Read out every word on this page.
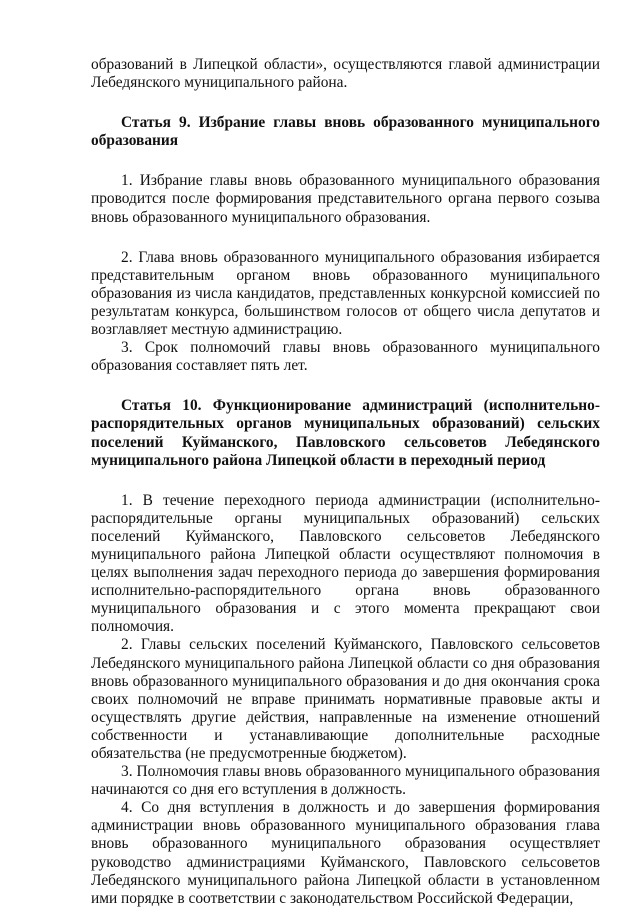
образований в Липецкой области», осуществляются главой администрации Лебедянского муниципального района.

Статья 9. Избрание главы вновь образованного муниципального образования

1. Избрание главы вновь образованного муниципального образования проводится после формирования представительного органа первого созыва вновь образованного муниципального образования.

2. Глава вновь образованного муниципального образования избирается представительным органом вновь образованного муниципального образования из числа кандидатов, представленных конкурсной комиссией по результатам конкурса, большинством голосов от общего числа депутатов и возглавляет местную администрацию.

3. Срок полномочий главы вновь образованного муниципального образования составляет пять лет.

Статья 10. Функционирование администраций (исполнительно-распорядительных органов муниципальных образований) сельских поселений Куйманского, Павловского сельсоветов Лебедянского муниципального района Липецкой области в переходный период

1. В течение переходного периода администрации (исполнительно-распорядительные органы муниципальных образований) сельских поселений Куйманского, Павловского сельсоветов Лебедянского муниципального района Липецкой области осуществляют полномочия в целях выполнения задач переходного периода до завершения формирования исполнительно-распорядительного органа вновь образованного муниципального образования и с этого момента прекращают свои полномочия.

2. Главы сельских поселений Куйманского, Павловского сельсоветов Лебедянского муниципального района Липецкой области со дня образования вновь образованного муниципального образования и до дня окончания срока своих полномочий не вправе принимать нормативные правовые акты и осуществлять другие действия, направленные на изменение отношений собственности и устанавливающие дополнительные расходные обязательства (не предусмотренные бюджетом).

3. Полномочия главы вновь образованного муниципального образования начинаются со дня его вступления в должность.

4. Со дня вступления в должность и до завершения формирования администрации вновь образованного муниципального образования глава вновь образованного муниципального образования осуществляет руководство администрациями Куйманского, Павловского сельсоветов Лебедянского муниципального района Липецкой области в установленном ими порядке в соответствии с законодательством Российской Федерации,
